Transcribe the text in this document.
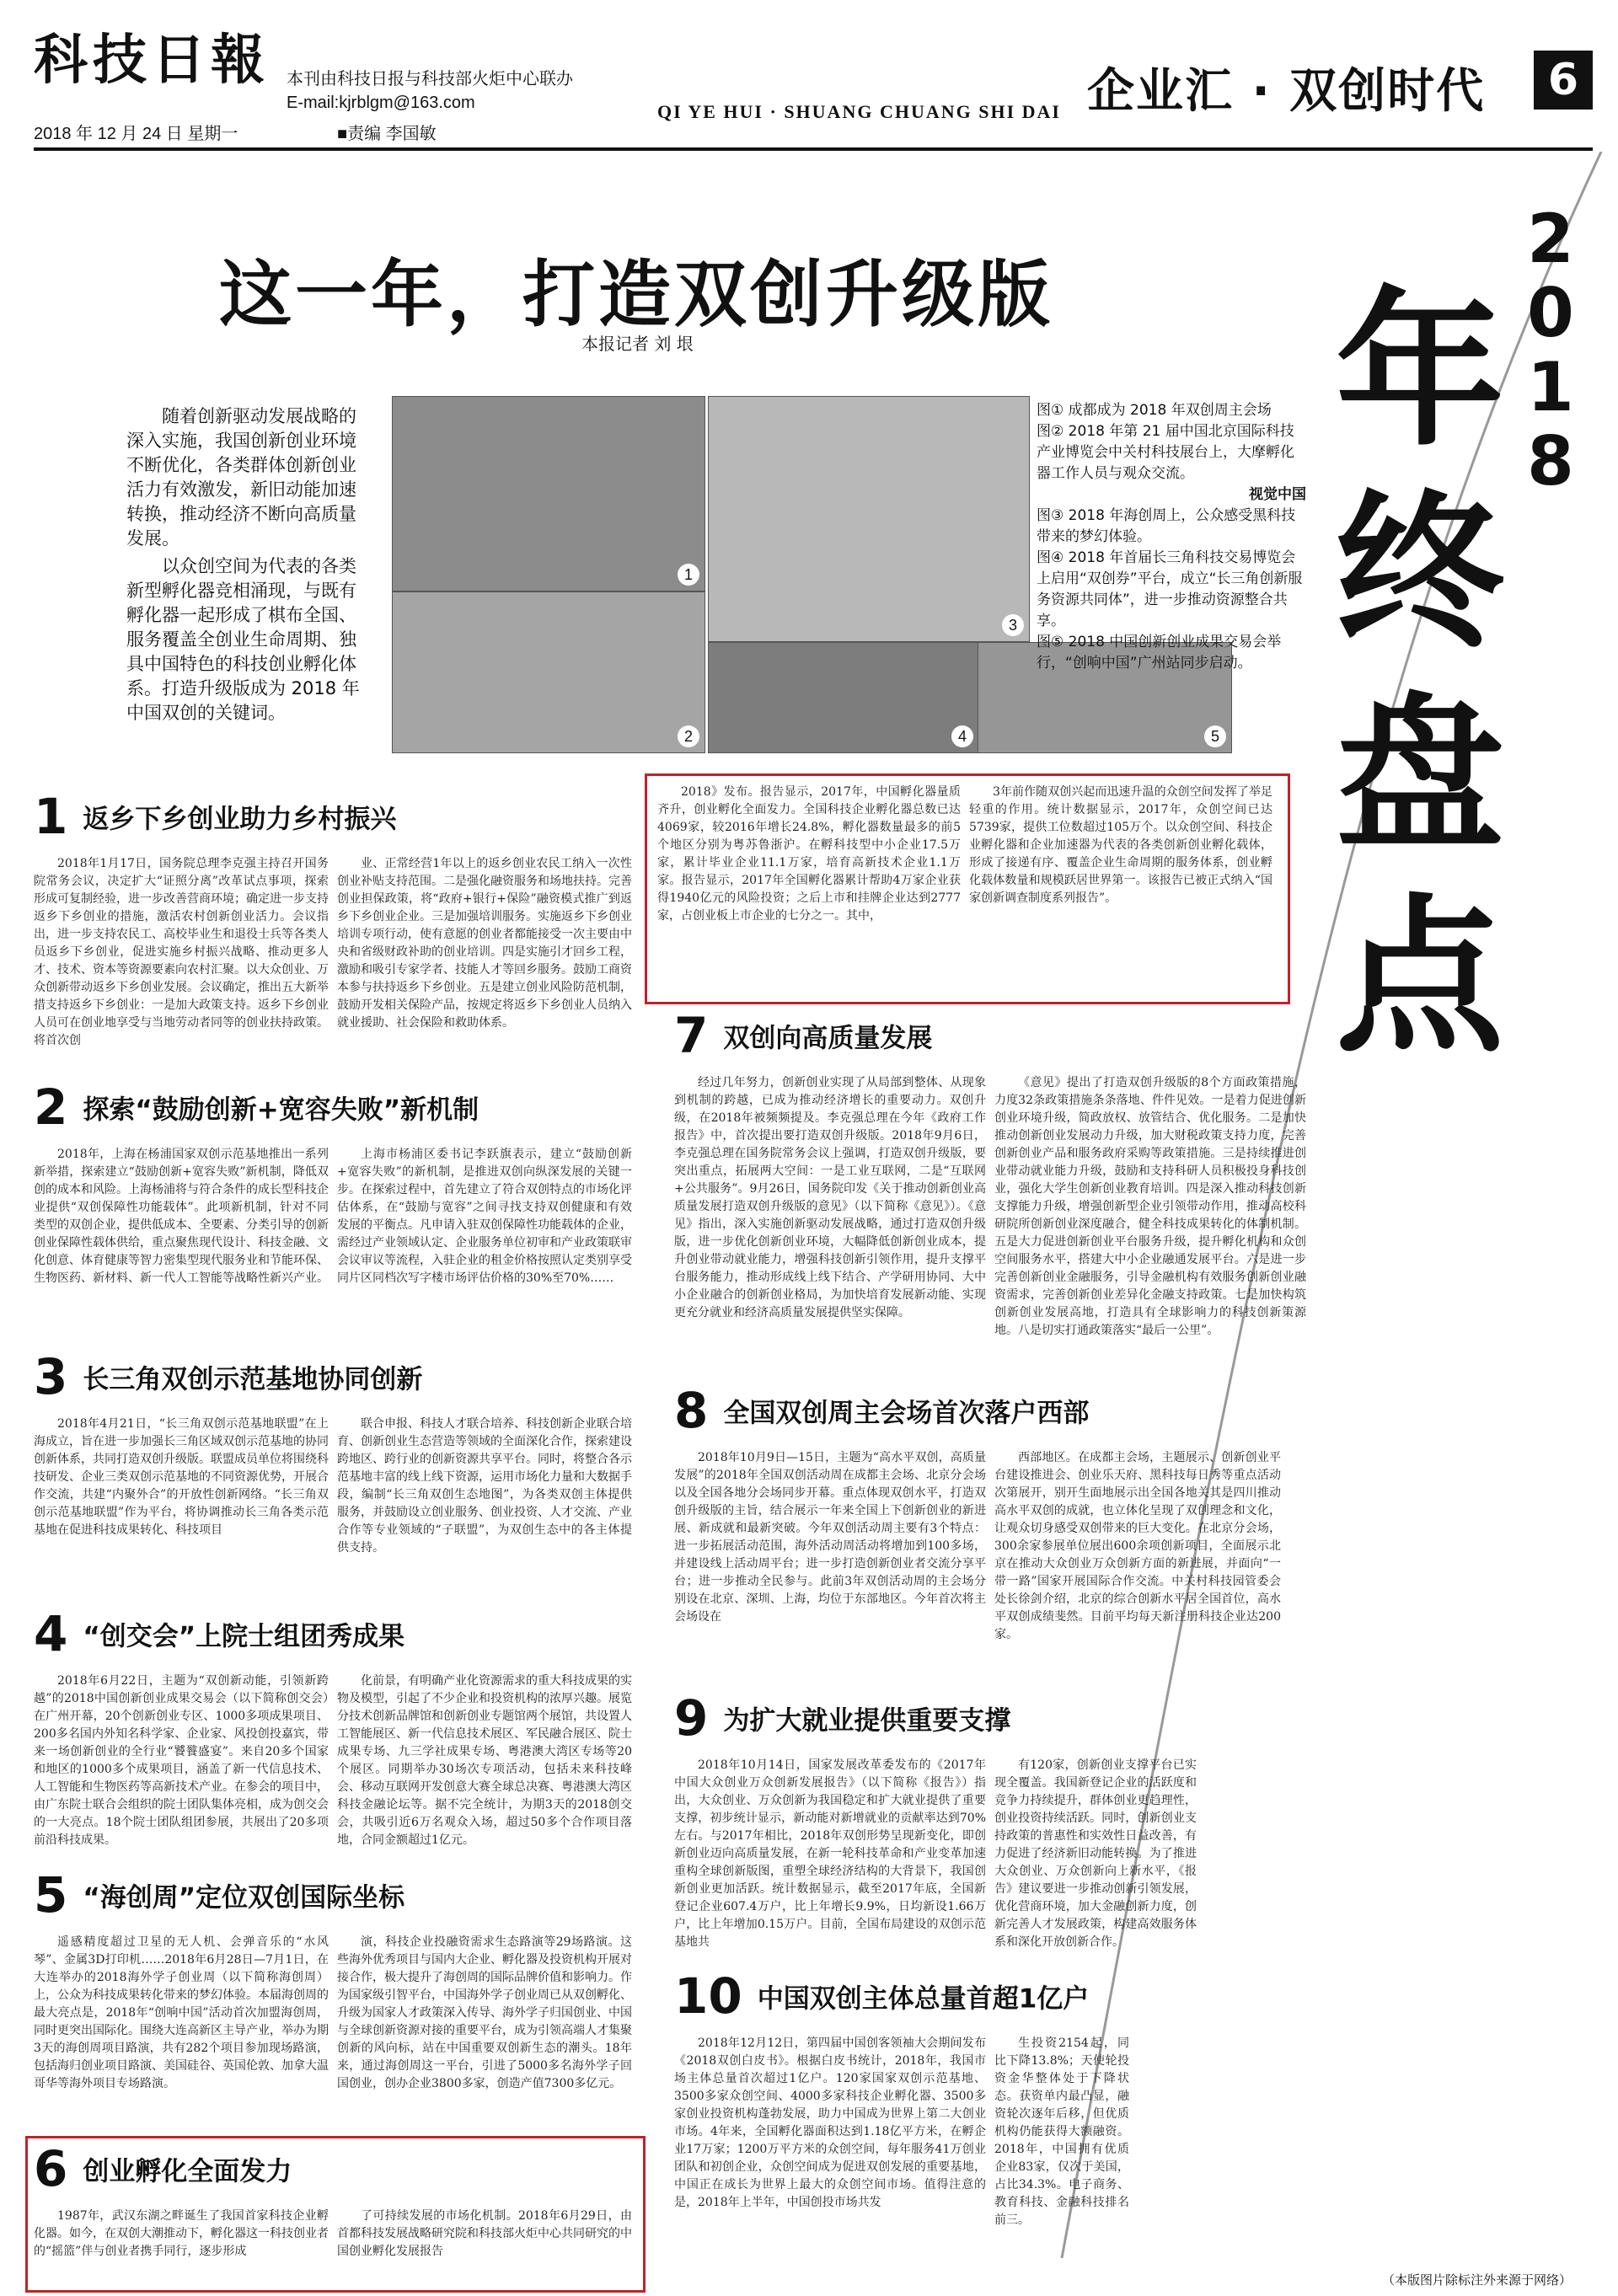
科技日報 本刊由科技日报与科技部火炬中心联办
E-mail:kjrblgm@163.com
2018 年 12 月 24 日 星期一	■责编 李国敏
QI YE HUI · SHUANG CHUANG SHI DAI 企业汇 · 双创时代	6
这一年，打造双创升级版
本报记者 刘 垠
2018
年终盘点

随着创新驱动发展战略的深入实施，我国创新创业环境不断优化，各类群体创新创业活力有效激发，新旧动能加速转换，推动经济不断向高质量发展。

以众创空间为代表的各类新型孵化器竞相涌现，与既有孵化器一起形成了棋布全国、服务覆盖全创业生命周期、独具中国特色的科技创业孵化体系。打造升级版成为 2018 年中国双创的关键词。

1
2
3
4	5

图① 成都成为 2018 年双创周主会场

图② 2018 年第 21 届中国北京国际科技产业博览会中关村科技展台上，大摩孵化器工作人员与观众交流。

视觉中国

图③ 2018 年海创周上，公众感受黑科技带来的梦幻体验。

图④ 2018 年首届长三角科技交易博览会上启用“双创券”平台，成立“长三角创新服务资源共同体”，进一步推动资源整合共享。

图⑤ 2018 中国创新创业成果交易会举行，“创响中国”广州站同步启动。

1 返乡下乡创业助力乡村振兴
2018年1月17日，国务院总理李克强主持召开国务院常务会议，决定扩大“证照分离”改革试点事项，探索形成可复制经验，进一步改善营商环境；确定进一步支持返乡下乡创业的措施，激活农村创新创业活力。会议指出，进一步支持农民工、高校毕业生和退役士兵等各类人员返乡下乡创业，促进实施乡村振兴战略、推动更多人才、技术、资本等资源要素向农村汇聚。以大众创业、万众创新带动返乡下乡创业发展。会议确定，推出五大新举措支持返乡下乡创业：一是加大政策支持。返乡下乡创业人员可在创业地享受与当地劳动者同等的创业扶持政策。将首次创
业、正常经营1年以上的返乡创业农民工纳入一次性创业补贴支持范围。二是强化融资服务和场地扶持。完善创业担保政策，将“政府+银行+保险”融资模式推广到返乡下乡创业企业。三是加强培训服务。实施返乡下乡创业培训专项行动，使有意愿的创业者都能接受一次主要由中央和省级财政补助的创业培训。四是实施引才回乡工程，激励和吸引专家学者、技能人才等回乡服务。鼓励工商资本参与扶持返乡下乡创业。五是建立创业风险防范机制，鼓励开发相关保险产品，按规定将返乡下乡创业人员纳入就业援助、社会保险和救助体系。
2 探索“鼓励创新+宽容失败”新机制
2018年，上海在杨浦国家双创示范基地推出一系列新举措，探索建立“鼓励创新+宽容失败”新机制，降低双创的成本和风险。上海杨浦将与符合条件的成长型科技企业提供“双创保障性功能载体”。此项新机制，针对不同类型的双创企业，提供低成本、全要素、分类引导的创新创业保障性载体供给，重点聚焦现代设计、科技金融、文化创意、体育健康等智力密集型现代服务业和节能环保、生物医药、新材料、新一代人工智能等战略性新兴产业。
上海市杨浦区委书记李跃旗表示，建立“鼓励创新+宽容失败”的新机制，是推进双创向纵深发展的关键一步。在探索过程中，首先建立了符合双创特点的市场化评估体系，在“鼓励与宽容”之间寻找支持双创健康和有效发展的平衡点。凡申请入驻双创保障性功能载体的企业，需经过产业领域认定、企业服务单位初审和产业政策联审会议审议等流程，入驻企业的租金价格按照认定类别享受同片区同档次写字楼市场评估价格的30%至70%……
3 长三角双创示范基地协同创新
2018年4月21日，“长三角双创示范基地联盟”在上海成立，旨在进一步加强长三角区域双创示范基地的协同创新体系，共同打造双创升级版。联盟成员单位将围绕科技研发、企业三类双创示范基地的不同资源优势，开展合作交流，共建“内聚外合”的开放性创新网络。“长三角双创示范基地联盟”作为平台，将协调推动长三角各类示范基地在促进科技成果转化、科技项目
联合申报、科技人才联合培养、科技创新企业联合培育、创新创业生态营造等领域的全面深化合作，探索建设跨地区、跨行业的创新资源共享平台。同时，将整合各示范基地丰富的线上线下资源，运用市场化力量和大数据手段，编制“长三角双创生态地图”，为各类双创主体提供服务，并鼓励设立创业服务、创业投资、人才交流、产业合作等专业领域的“子联盟”，为双创生态中的各主体提供支持。
4 “创交会”上院士组团秀成果
2018年6月22日，主题为“双创新动能，引领新跨越”的2018中国创新创业成果交易会（以下简称创交会）在广州开幕，20个创新创业专区、1000多项成果项目、200多名国内外知名科学家、企业家、风投创投嘉宾，带来一场创新创业的全行业“饕餮盛宴”。来自20多个国家和地区的1000多个成果项目，涵盖了新一代信息技术、人工智能和生物医药等高新技术产业。在参会的项目中，由广东院士联合会组织的院士团队集体亮相，成为创交会的一大亮点。18个院士团队组团参展，共展出了20多项前沿科技成果。
化前景，有明确产业化资源需求的重大科技成果的实物及模型，引起了不少企业和投资机构的浓厚兴趣。展览分技术创新品牌馆和创新创业专题馆两个展馆，共设置人工智能展区、新一代信息技术展区、军民融合展区、院士成果专场、九三学社成果专场、粤港澳大湾区专场等20个展区。同期举办30场次专项活动，包括未来科技峰会、移动互联网开发创意大赛全球总决赛、粤港澳大湾区科技金融论坛等。据不完全统计，为期3天的2018创交会，共吸引近6万名观众入场，超过50多个合作项目落地，合同金额超过1亿元。
5 “海创周”定位双创国际坐标
遥感精度超过卫星的无人机、会弹音乐的“水风琴”、金属3D打印机……2018年6月28日—7月1日，在大连举办的2018海外学子创业周（以下简称海创周）上，公众为科技成果转化带来的梦幻体验。本届海创周的最大亮点是，2018年“创响中国”活动首次加盟海创周，同时更突出国际化。围绕大连高新区主导产业，举办为期3天的海创周项目路演，共有282个项目参加现场路演，包括海归创业项目路演、美国硅谷、英国伦敦、加拿大温哥华等海外项目专场路演。
演，科技企业投融资需求生态路演等29场路演。这些海外优秀项目与国内大企业、孵化器及投资机构开展对接合作，极大提升了海创周的国际品牌价值和影响力。作为国家级引智平台，中国海外学子创业周已从双创孵化、升级为国家人才政策深入传导、海外学子归国创业、中国与全球创新资源对接的重要平台，成为引领高端人才集聚创新的风向标，站在中国重要双创新生态的潮头。18年来，通过海创周这一平台，引进了5000多名海外学子回国创业，创办企业3800多家，创造产值7300多亿元。
6 创业孵化全面发力
1987年，武汉东湖之畔诞生了我国首家科技企业孵化器。如今，在双创大潮推动下，孵化器这一科技创业者的“摇篮”伴与创业者携手同行，逐步形成
了可持续发展的市场化机制。2018年6月29日，由首都科技发展战略研究院和科技部火炬中心共同研究的中国创业孵化发展报告
2018》发布。报告显示，2017年，中国孵化器量质齐升，创业孵化全面发力。全国科技企业孵化器总数已达4069家，较2016年增长24.8%，孵化器数量最多的前5个地区分别为粤苏鲁浙沪。在孵科技型中小企业17.5万家，累计毕业企业11.1万家，培育高新技术企业1.1万家。报告显示，2017年全国孵化器累计帮助4万家企业获得1940亿元的风险投资；之后上市和挂牌企业达到2777家，占创业板上市企业的七分之一。其中，
3年前作随双创兴起而迅速升温的众创空间发挥了举足轻重的作用。统计数据显示，2017年，众创空间已达5739家，提供工位数超过105万个。以众创空间、科技企业孵化器和企业加速器为代表的各类创新创业孵化载体，形成了接递有序、覆盖企业生命周期的服务体系，创业孵化载体数量和规模跃居世界第一。该报告已被正式纳入“国家创新调查制度系列报告”。
7 双创向高质量发展
经过几年努力，创新创业实现了从局部到整体、从现象到机制的跨越，已成为推动经济增长的重要动力。双创升级，在2018年被频频提及。李克强总理在今年《政府工作报告》中，首次提出要打造双创升级版。2018年9月6日，李克强总理在国务院常务会议上强调，打造双创升级版，要突出重点，拓展两大空间：一是工业互联网，二是“互联网+公共服务”。9月26日，国务院印发《关于推动创新创业高质量发展打造双创升级版的意见》（以下简称《意见》）。《意见》指出，深入实施创新驱动发展战略，通过打造双创升级版，进一步优化创新创业环境，大幅降低创新创业成本，提升创业带动就业能力，增强科技创新引领作用，提升支撑平台服务能力，推动形成线上线下结合、产学研用协同、大中小企业融合的创新创业格局，为加快培育发展新动能、实现更充分就业和经济高质量发展提供坚实保障。
《意见》提出了打造双创升级版的8个方面政策措施，力度32条政策措施条条落地、件件见效。一是着力促进创新创业环境升级，简政放权、放管结合、优化服务。二是加快推动创新创业发展动力升级，加大财税政策支持力度，完善创新创业产品和服务政府采购等政策措施。三是持续推进创业带动就业能力升级，鼓励和支持科研人员积极投身科技创业，强化大学生创新创业教育培训。四是深入推动科技创新支撑能力升级，增强创新型企业引领带动作用，推动高校科研院所创新创业深度融合，健全科技成果转化的体制机制。五是大力促进创新创业平台服务升级，提升孵化机构和众创空间服务水平，搭建大中小企业融通发展平台。六是进一步完善创新创业金融服务，引导金融机构有效服务创新创业融资需求，完善创新创业差异化金融支持政策。七是加快构筑创新创业发展高地，打造具有全球影响力的科技创新策源地。八是切实打通政策落实“最后一公里”。
8 全国双创周主会场首次落户西部
2018年10月9日—15日，主题为“高水平双创，高质量发展”的2018年全国双创活动周在成都主会场、北京分会场以及全国各地分会场同步开幕。重点体现双创水平，打造双创升级版的主旨，结合展示一年来全国上下创新创业的新进展、新成就和最新突破。今年双创活动周主要有3个特点：进一步拓展活动范围，海外活动周活动将增加到100多场，并建设线上活动周平台；进一步打造创新创业者交流分享平台；进一步推动全民参与。此前3年双创活动周的主会场分别设在北京、深圳、上海，均位于东部地区。今年首次将主会场设在
西部地区。在成都主会场，主题展示、创新创业平台建设推进会、创业乐天府、黑科技每日秀等重点活动次第展开，别开生面地展示出全国各地关其是四川推动高水平双创的成就，也立体化呈现了双创理念和文化，让观众切身感受双创带来的巨大变化。在北京分会场，300余家参展单位展出600余项创新项目，全面展示北京在推动大众创业万众创新方面的新进展，并面向“一带一路”国家开展国际合作交流。中关村科技园管委会处长徐剑介绍，北京的综合创新水平居全国首位，高水平双创成绩斐然。目前平均每天新注册科技企业达200家。
9 为扩大就业提供重要支撑
2018年10月14日，国家发展改革委发布的《2017年中国大众创业万众创新发展报告》（以下简称《报告》）指出，大众创业、万众创新为我国稳定和扩大就业提供了重要支撑，初步统计显示，新动能对新增就业的贡献率达到70%左右。与2017年相比，2018年双创形势呈现新变化，即创新创业迈向高质量发展，在新一轮科技革命和产业变革加速重构全球创新版图，重塑全球经济结构的大背景下，我国创新创业更加活跃。统计数据显示，截至2017年底，全国新登记企业607.4万户，比上年增长9.9%，日均新设1.66万户，比上年增加0.15万户。目前，全国布局建设的双创示范基地共
有120家，创新创业支撑平台已实现全覆盖。我国新登记企业的活跃度和竞争力持续提升，群体创业更趋理性，创业投资持续活跃。同时，创新创业支持政策的普惠性和实效性日益改善，有力促进了经济新旧动能转换。为了推进大众创业、万众创新向上新水平，《报告》建议要进一步推动创新引领发展，优化营商环境，加大金融创新力度，创新完善人才发展政策，构建高效服务体系和深化开放创新合作。
10 中国双创主体总量首超1亿户
2018年12月12日，第四届中国创客领袖大会期间发布《2018双创白皮书》。根据白皮书统计，2018年，我国市场主体总量首次超过1亿户。120家国家双创示范基地、3500多家众创空间、4000多家科技企业孵化器、3500多家创业投资机构蓬勃发展，助力中国成为世界上第二大创业市场。4年来，全国孵化器面积达到1.18亿平方米，在孵企业17万家；1200万平方米的众创空间，每年服务41万创业团队和初创企业，众创空间成为促进双创发展的重要基地，中国正在成长为世界上最大的众创空间市场。值得注意的是，2018年上半年，中国创投市场共发
生投资2154起，同比下降13.8%；天使轮投资金华整体处于下降状态。获资单内最凸显，融资轮次逐年后移，但优质机构仍能获得大额融资。2018年，中国拥有优质企业83家，仅次于美国，占比34.3%。电子商务、教育科技、金融科技排名前三。
（本版图片除标注外来源于网络）
